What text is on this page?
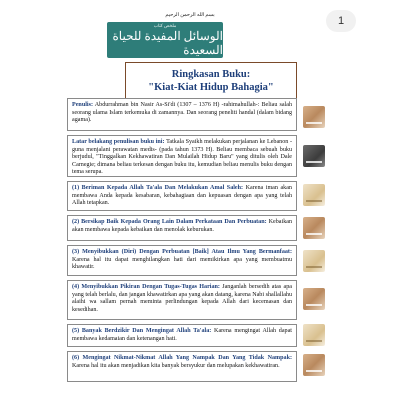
بسم الله الرحمن الرحيم
ملخص كتاب
الوسائل المفيدة للحياة السعيدة
Ringkasan Buku:
"Kiat-Kiat Hidup Bahagia"
Penulis: Abdurrahman bin Nasir As-Si'di (1307 – 1376 H) -rahimahullah-: Beliau salah seorang ulama Islam terkemuka di zamannya. Dan seorang peneliti handal (dalam bidang agama).
Latar belakang penulisan buku ini: Tatkala Syaikh melakukan perjalanan ke Lebanon -guna menjalani perawatan medis- (pada tahun 1373 H). Beliau membaca sebuah buku berjudul, "Tinggalkan Kekhawatiran Dan Mulailah Hidup Baru" yang ditulis oleh Dale Carnegie; dimana beliau terkesan dengan buku itu, kemudian beliau menulis buku dengan tema serupa.
(1) Beriman Kepada Allah Ta'ala Dan Melakukan Amal Saleh: Karena iman akan membawa Anda kepada kesabaran, kebahagiaan dan kepuasan dengan apa yang telah Allah tetapkan.
(2) Bersikap Baik Kepada Orang Lain Dalam Perkataan Dan Perbuatan: Kebaikan akan membawa kepada kebaikan dan menolak keburukan.
(3) Menyibukkan (Diri) Dengan Perbuatan [Baik] Atau Ilmu Yang Bermanfaat: Karena hal itu dapat menghilangkan hati dari memikirkan apa yang membuatmu khawatir.
(4) Menyibukkan Pikiran Dengan Tugas-Tugas Harian: Janganlah bersedih atas apa yang telah berlalu, dan jangan khawatirkan apa yang akan datang, karena Nabi shallallahu alaihi wa sallam pernah meminta perlindungan kepada Allah dari kecemasan dan kesedihan.
(5) Banyak Berdzikir Dan Mengingat Allah Ta'ala: Karena mengingat Allah dapat membawa kedamaian dan ketenangan hati.
(6) Mengingat Nikmat-Nikmat Allah Yang Nampak Dan Yang Tidak Nampak: Karena hal itu akan menjadikan kita banyak bersyukur dan melupakan kekhawatiran.
1
